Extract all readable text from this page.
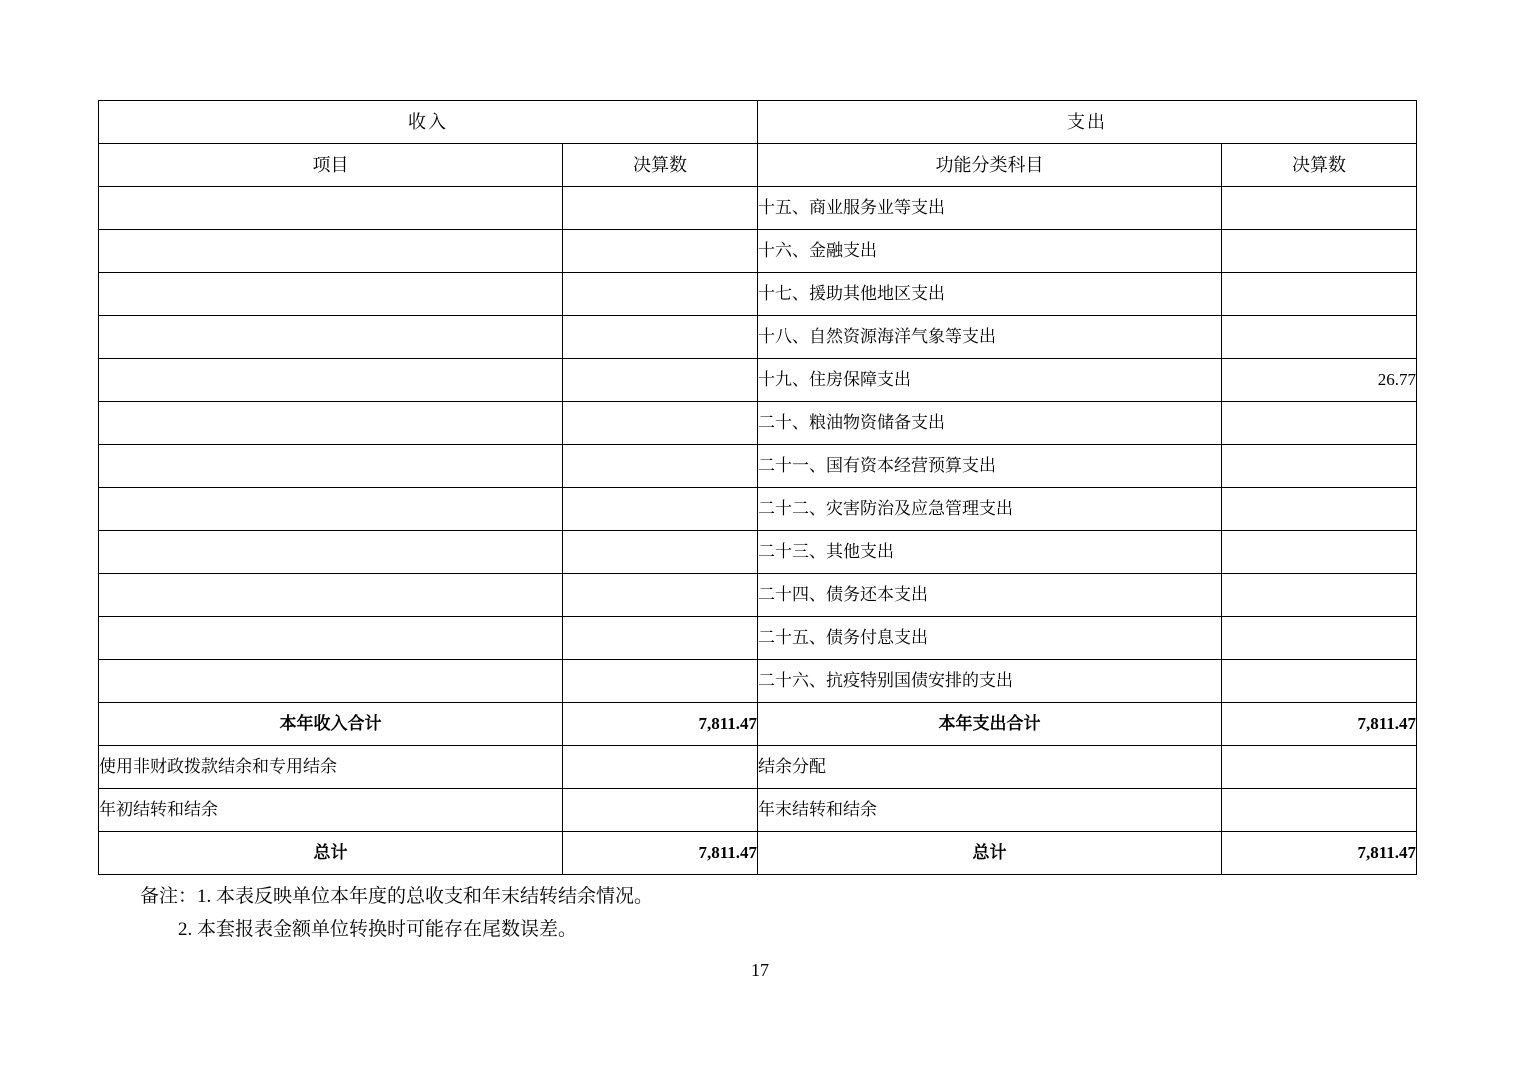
收入		支出	
项目	决算数	功能分类科目	决算数
		十五、商业服务业等支出	
		十六、金融支出	
		十七、援助其他地区支出	
		十八、自然资源海洋气象等支出	
		十九、住房保障支出	26.77
		二十、粮油物资储备支出	
		二十一、国有资本经营预算支出	
		二十二、灾害防治及应急管理支出	
		二十三、其他支出	
		二十四、债务还本支出	
		二十五、债务付息支出	
		二十六、抗疫特别国债安排的支出	
本年收入合计	7,811.47	本年支出合计	7,811.47
使用非财政拨款结余和专用结余		结余分配	
年初结转和结余		年末结转和结余	
总计	7,811.47	总计	7,811.47
备注：1. 本表反映单位本年度的总收支和年末结转结余情况。
2. 本套报表金额单位转换时可能存在尾数误差。
17
